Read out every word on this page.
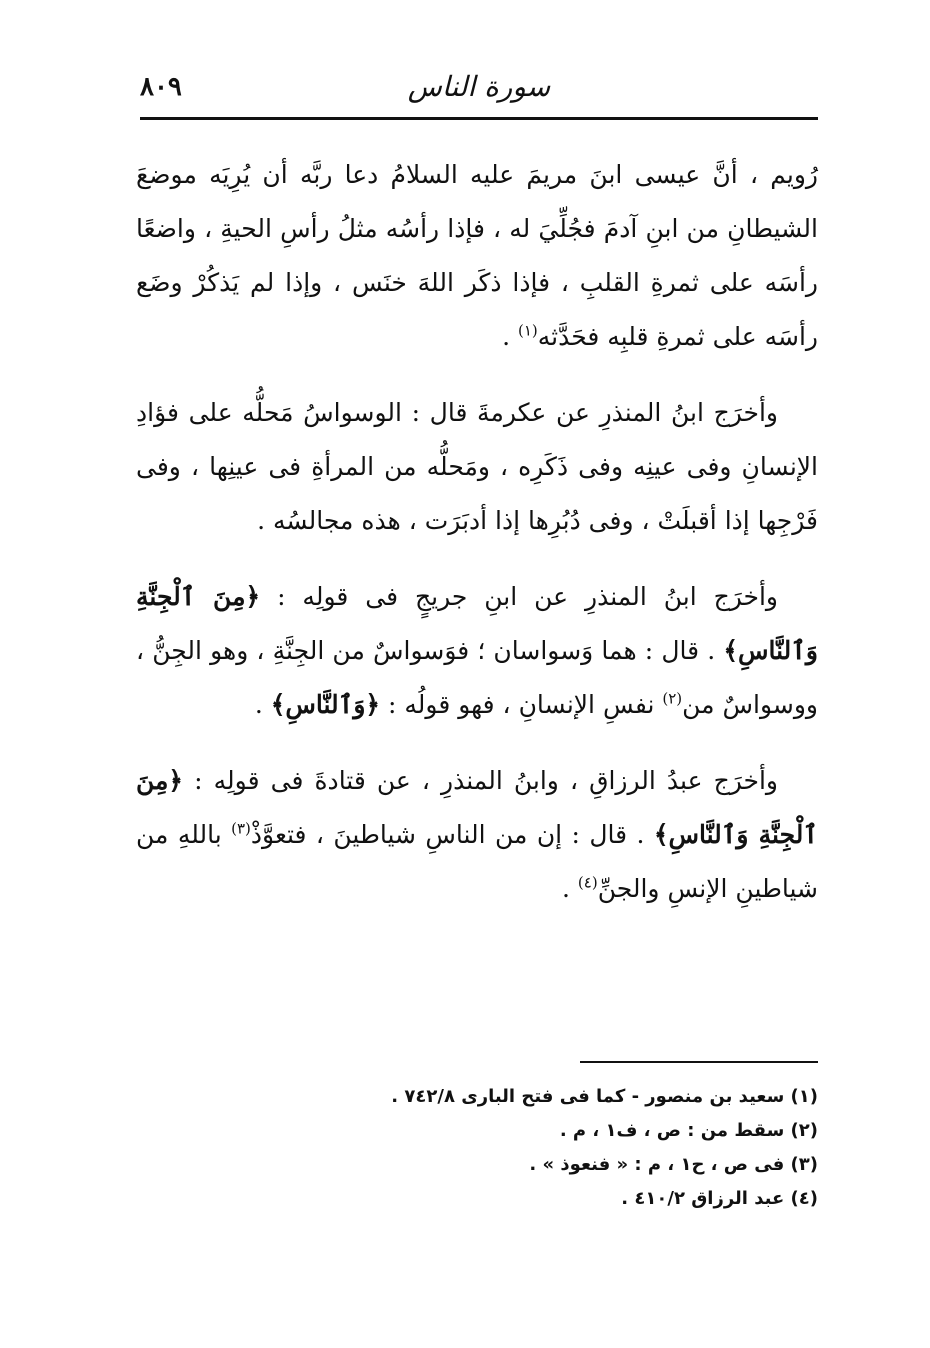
سورة الناس
٨٠٩

رُويم ، أنَّ عيسى ابنَ مريمَ عليه السلامُ دعا ربَّه أن يُرِيَه موضعَ الشيطانِ من ابنِ آدمَ فجُلِّيَ له ، فإذا رأسُه مثلُ رأسِ الحيةِ ، واضعًا رأسَه على ثمرةِ القلبِ ، فإذا ذكَر اللهَ خنَس ، وإذا لم يَذكُرْ وضَع رأسَه على ثمرةِ قلبِه فحَدَّثه$^{(١)}$ .

وأخرَج ابنُ المنذرِ عن عكرمةَ قال : الوسواسُ مَحلُّه على فؤادِ الإنسانِ وفى عينِه وفى ذَكَرِه ، ومَحلُّه من المرأةِ فى عينِها ، وفى فَرْجِها إذا أقبلَتْ ، وفى دُبُرِها إذا أدبَرَت ، هذه مجالسُه .

وأخرَج ابنُ المنذرِ عن ابنِ جريجٍ فى قولِه : ﴿مِنَ ٱلْجِنَّةِ وَٱلنَّاسِ﴾ . قال : هما وَسواسان ؛ فوَسواسٌ من الجِنَّةِ ، وهو الجِنُّ ، ووسواسٌ من$^{(٢)}$ نفسِ الإنسانِ ، فهو قولُه : ﴿وَٱلنَّاسِ﴾ .

وأخرَج عبدُ الرزاقِ ، وابنُ المنذرِ ، عن قتادةَ فى قولِه : ﴿مِنَ ٱلْجِنَّةِ وَٱلنَّاسِ﴾ . قال : إن من الناسِ شياطينَ ، فتعوَّذْ$^{(٣)}$ باللهِ من شياطينِ الإنسِ والجنِّ$^{(٤)}$ .

(١) سعيد بن منصور - كما فى فتح البارى ٧٤٢/٨ .

(٢) سقط من : ص ، ف١ ، م .

(٣) فى ص ، ح١ ، م : « فنعوذ » .

(٤) عبد الرزاق ٤١٠/٢ .
